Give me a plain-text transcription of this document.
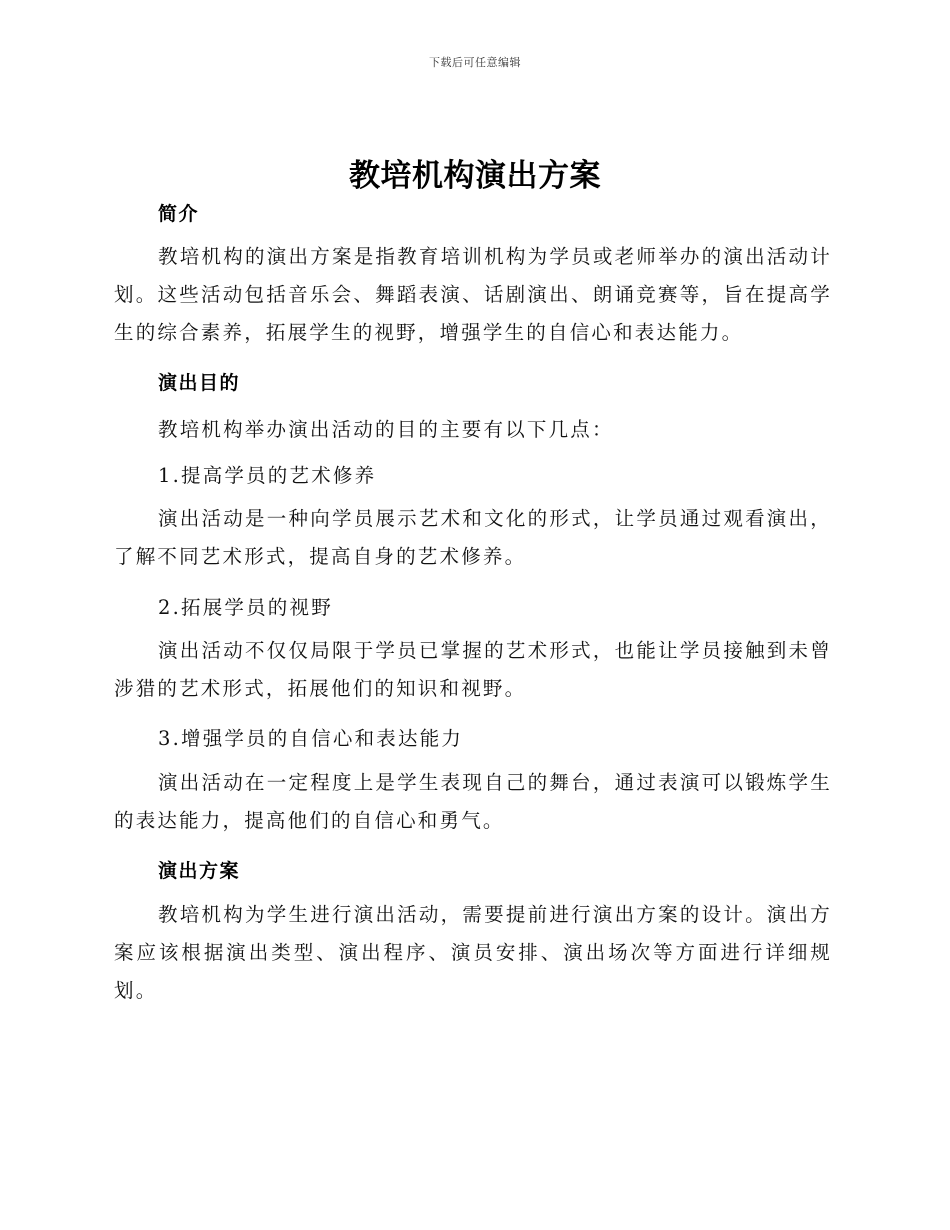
下载后可任意编辑
教培机构演出方案
简介
教培机构的演出方案是指教育培训机构为学员或老师举办的演出活动计划。这些活动包括音乐会、舞蹈表演、话剧演出、朗诵竞赛等，旨在提高学生的综合素养，拓展学生的视野，增强学生的自信心和表达能力。
演出目的
教培机构举办演出活动的目的主要有以下几点：
1.提高学员的艺术修养
演出活动是一种向学员展示艺术和文化的形式，让学员通过观看演出，了解不同艺术形式，提高自身的艺术修养。
2.拓展学员的视野
演出活动不仅仅局限于学员已掌握的艺术形式，也能让学员接触到未曾涉猎的艺术形式，拓展他们的知识和视野。
3.增强学员的自信心和表达能力
演出活动在一定程度上是学生表现自己的舞台，通过表演可以锻炼学生的表达能力，提高他们的自信心和勇气。
演出方案
教培机构为学生进行演出活动，需要提前进行演出方案的设计。演出方案应该根据演出类型、演出程序、演员安排、演出场次等方面进行详细规划。
